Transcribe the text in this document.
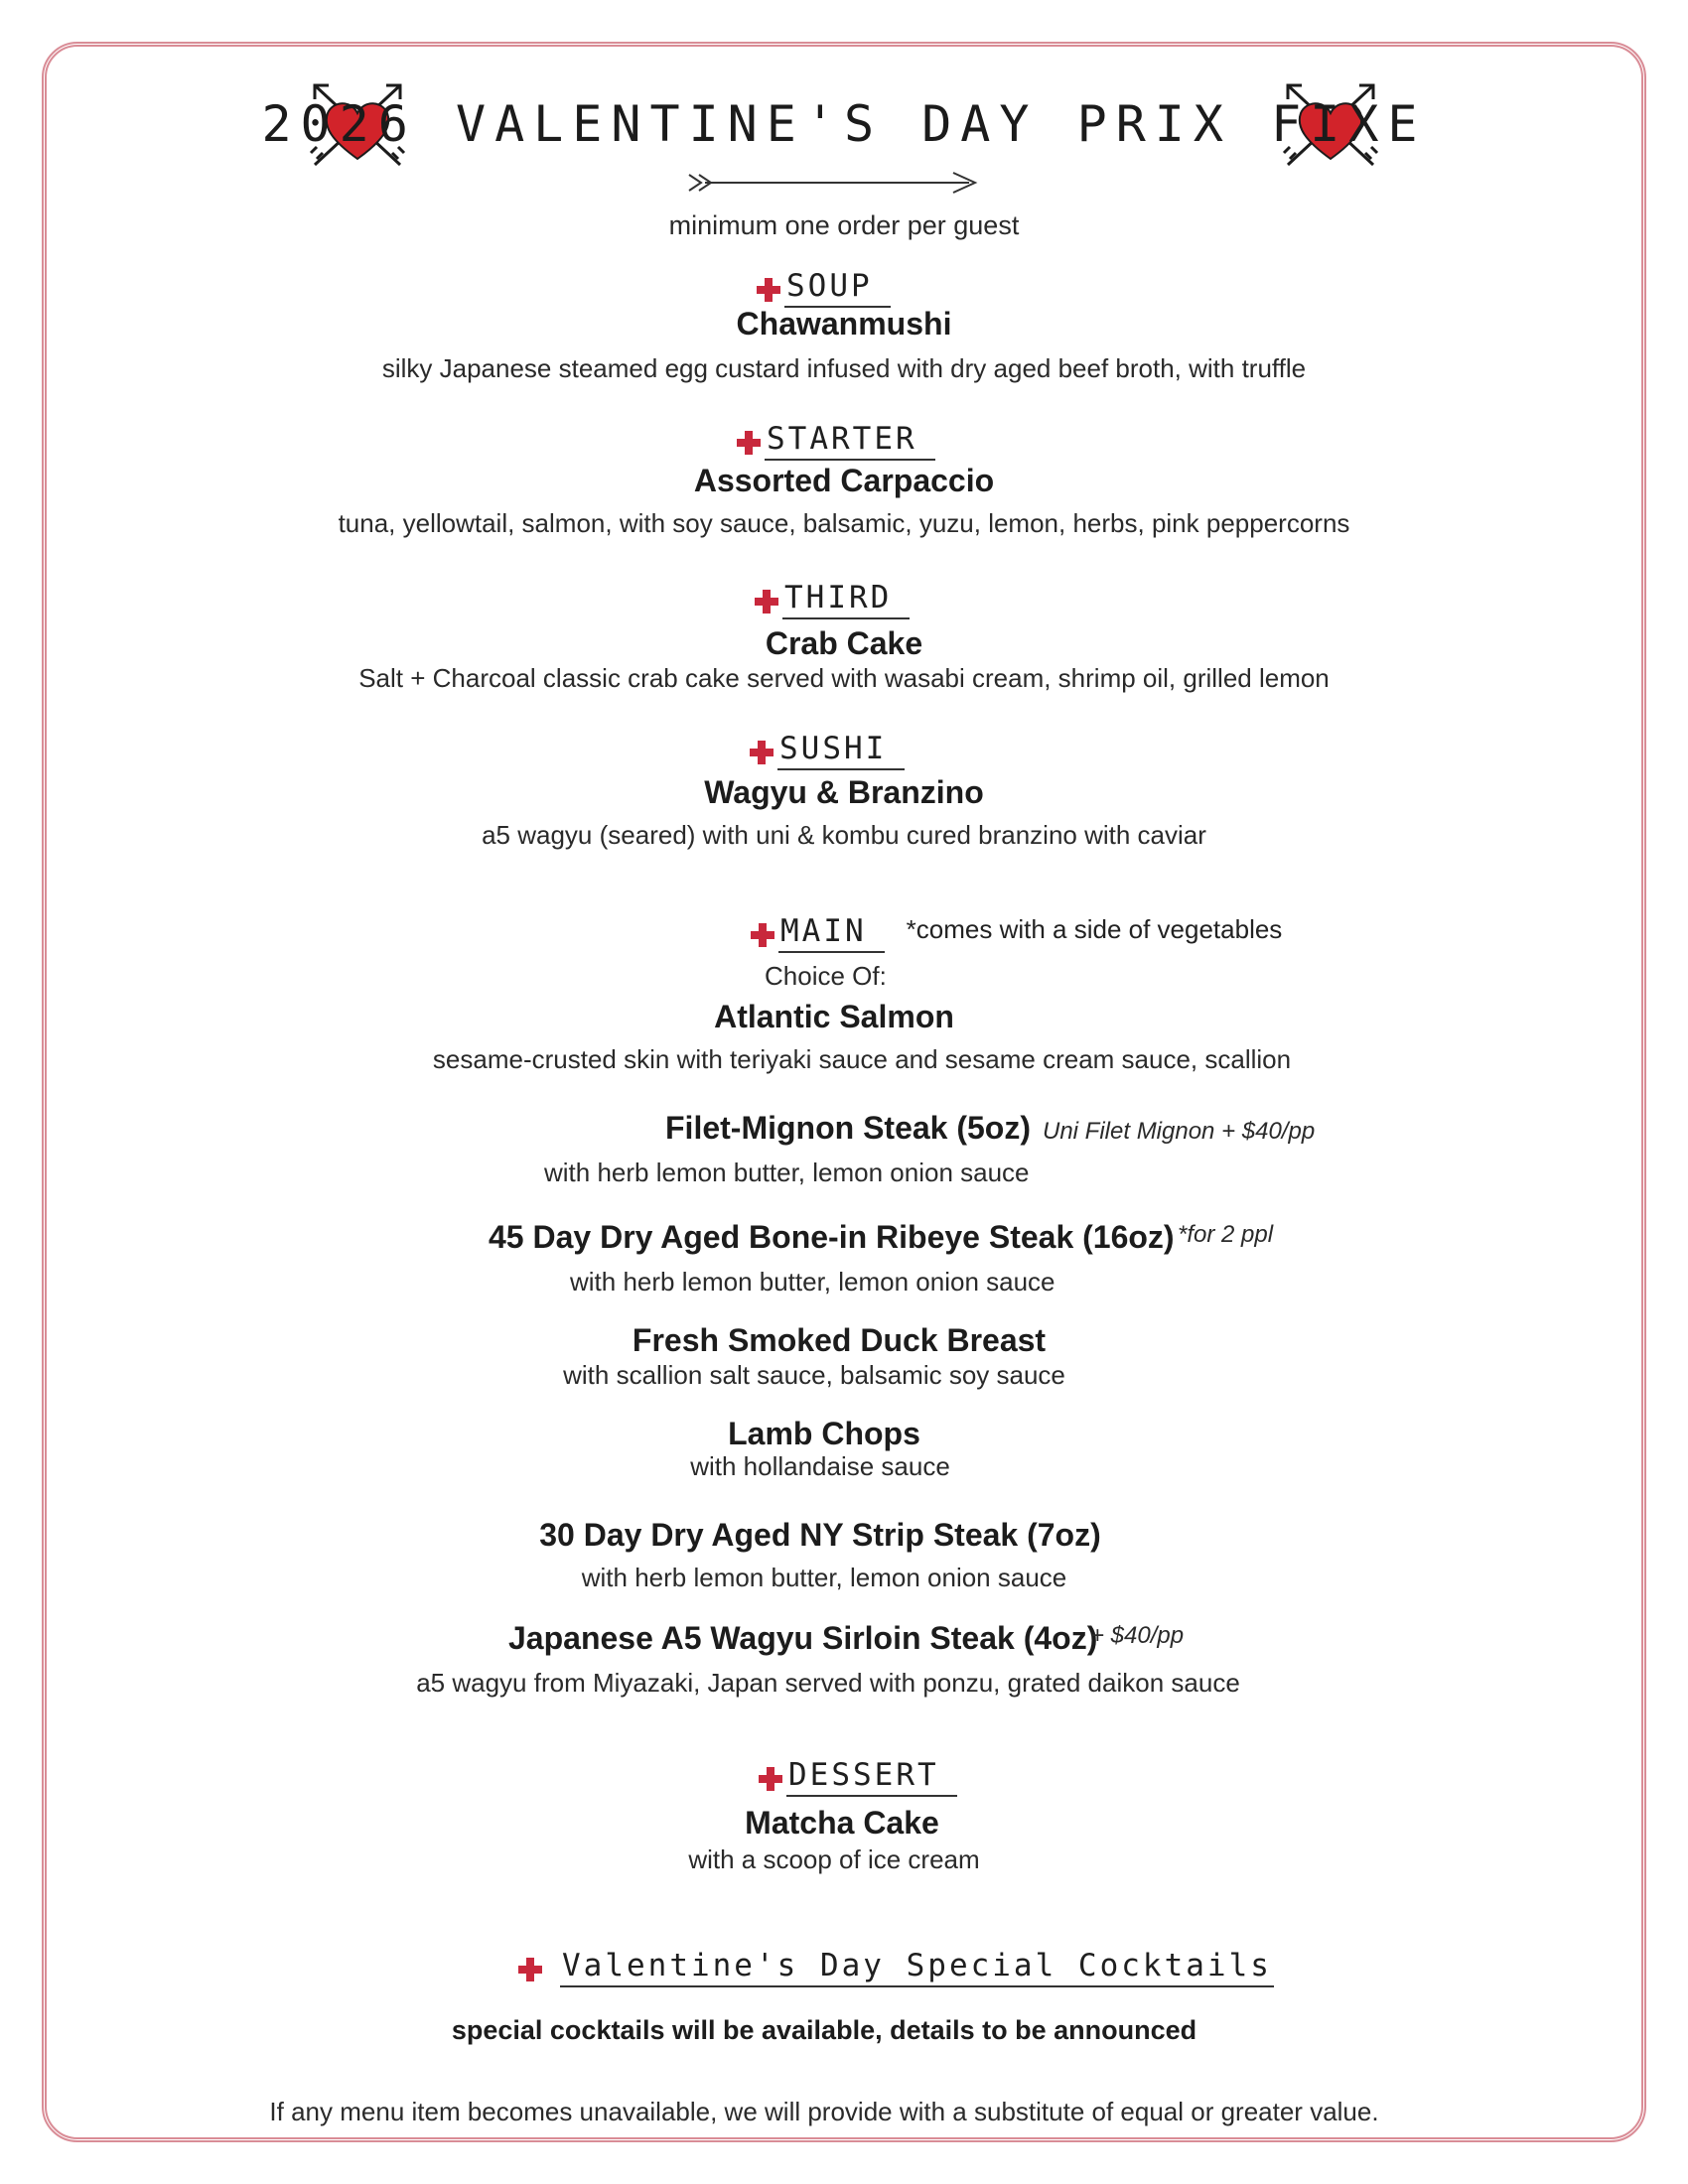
2026 VALENTINE'S DAY PRIX FIXE
minimum one order per guest
SOUP
Chawanmushi
silky Japanese steamed egg custard infused with dry aged beef broth, with truffle
STARTER
Assorted Carpaccio
tuna, yellowtail, salmon, with soy sauce, balsamic, yuzu, lemon, herbs, pink peppercorns
THIRD
Crab Cake
Salt + Charcoal classic crab cake served with wasabi cream, shrimp oil, grilled lemon
SUSHI
Wagyu & Branzino
a5 wagyu (seared) with uni & kombu cured branzino with caviar
MAIN	*comes with a side of vegetables
Choice Of:
Atlantic Salmon
sesame-crusted skin with teriyaki sauce and sesame cream sauce, scallion
Filet-Mignon Steak (5oz) Uni Filet Mignon + $40/pp
with herb lemon butter, lemon onion sauce
45 Day Dry Aged Bone-in Ribeye Steak (16oz) *for 2 ppl
with herb lemon butter, lemon onion sauce
Fresh Smoked Duck Breast
with scallion salt sauce, balsamic soy sauce
Lamb Chops
with hollandaise sauce
30 Day Dry Aged NY Strip Steak (7oz)
with herb lemon butter, lemon onion sauce
Japanese A5 Wagyu Sirloin Steak (4oz)
+ $40/pp
a5 wagyu from Miyazaki, Japan served with ponzu, grated daikon sauce
DESSERT
Matcha Cake
with a scoop of ice cream
Valentine's Day Special Cocktails
special cocktails will be available, details to be announced
If any menu item becomes unavailable, we will provide with a substitute of equal or greater value.
